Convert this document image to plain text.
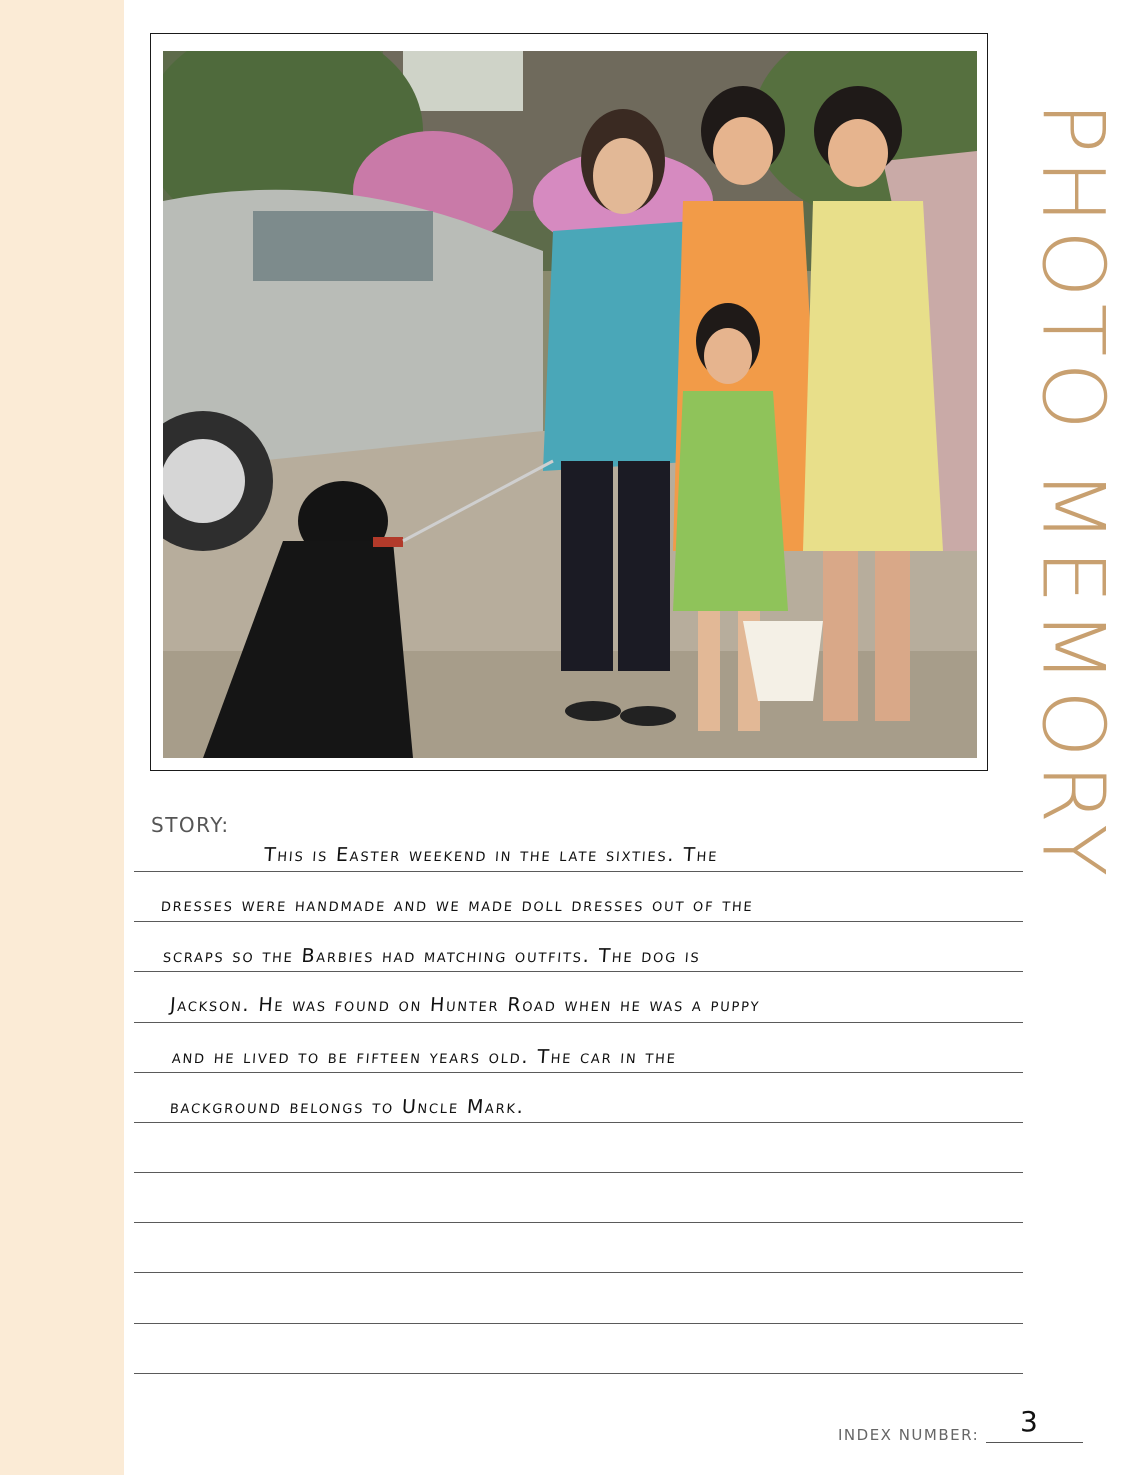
PHOTO MEMORY
STORY:
This is Easter weekend in the late sixties. The
dresses were handmade and we made doll dresses out of the
scraps so the Barbies had matching outfits. The dog is
Jackson. He was found on Hunter Road when he was a puppy
and he lived to be fifteen years old. The car in the
background belongs to Uncle Mark.
INDEX NUMBER: 3
